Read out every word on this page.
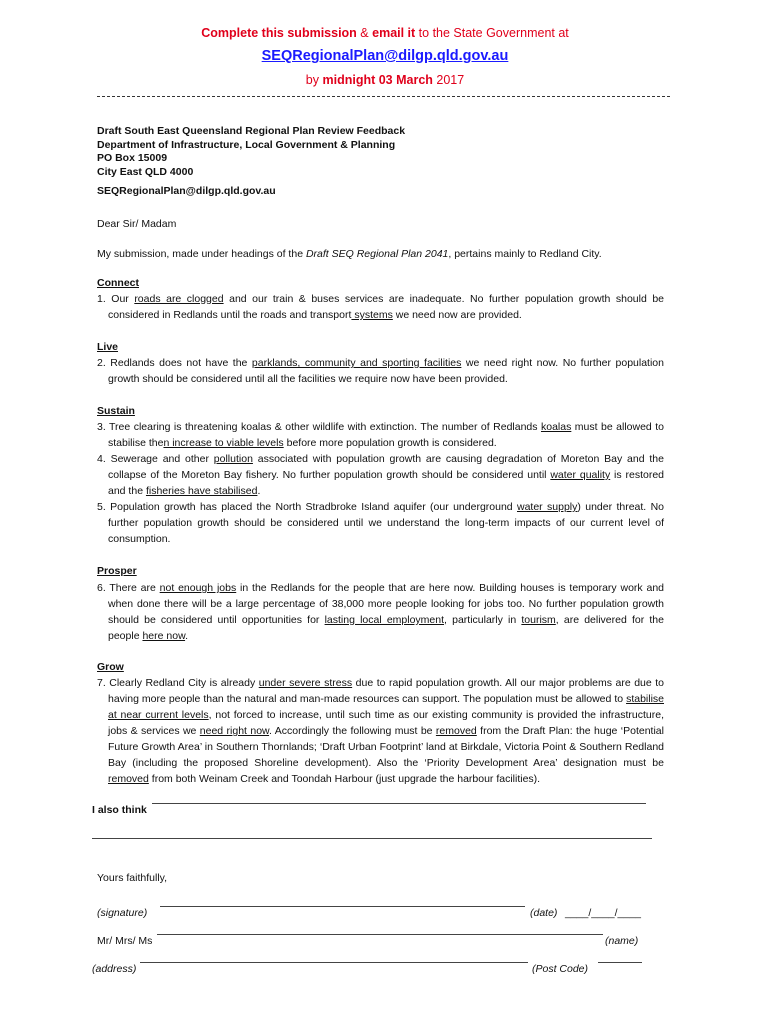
Complete this submission & email it to the State Government at
SEQRegionalPlan@dilgp.qld.gov.au
by midnight 03 March 2017
Draft South East Queensland Regional Plan Review Feedback
Department of Infrastructure, Local Government & Planning
PO Box 15009
City East QLD 4000
SEQRegionalPlan@dilgp.qld.gov.au
Dear Sir/ Madam
My submission, made under headings of the Draft SEQ Regional Plan 2041, pertains mainly to Redland City.
Connect
1. Our roads are clogged and our train & buses services are inadequate. No further population growth should be considered in Redlands until the roads and transport systems we need now are provided.
Live
2. Redlands does not have the parklands, community and sporting facilities we need right now. No further population growth should be considered until all the facilities we require now have been provided.
Sustain
3. Tree clearing is threatening koalas & other wildlife with extinction. The number of Redlands koalas must be allowed to stabilise then increase to viable levels before more population growth is considered.
4. Sewerage and other pollution associated with population growth are causing degradation of Moreton Bay and the collapse of the Moreton Bay fishery. No further population growth should be considered until water quality is restored and the fisheries have stabilised.
5. Population growth has placed the North Stradbroke Island aquifer (our underground water supply) under threat. No further population growth should be considered until we understand the long-term impacts of our current level of consumption.
Prosper
6. There are not enough jobs in the Redlands for the people that are here now. Building houses is temporary work and when done there will be a large percentage of 38,000 more people looking for jobs too. No further population growth should be considered until opportunities for lasting local employment, particularly in tourism, are delivered for the people here now.
Grow
7. Clearly Redland City is already under severe stress due to rapid population growth. All our major problems are due to having more people than the natural and man-made resources can support. The population must be allowed to stabilise at near current levels, not forced to increase, until such time as our existing community is provided the infrastructure, jobs & services we need right now. Accordingly the following must be removed from the Draft Plan: the huge ‘Potential Future Growth Area’ in Southern Thornlands; ‘Draft Urban Footprint’ land at Birkdale, Victoria Point & Southern Redland Bay (including the proposed Shoreline development). Also the ‘Priority Development Area’ designation must be removed from both Weinam Creek and Toondah Harbour (just upgrade the harbour facilities).
I also think
Yours faithfully,
(signature)	(date) ____/____/____
Mr/ Mrs/ Ms	(name)
(address)	(Post Code)
